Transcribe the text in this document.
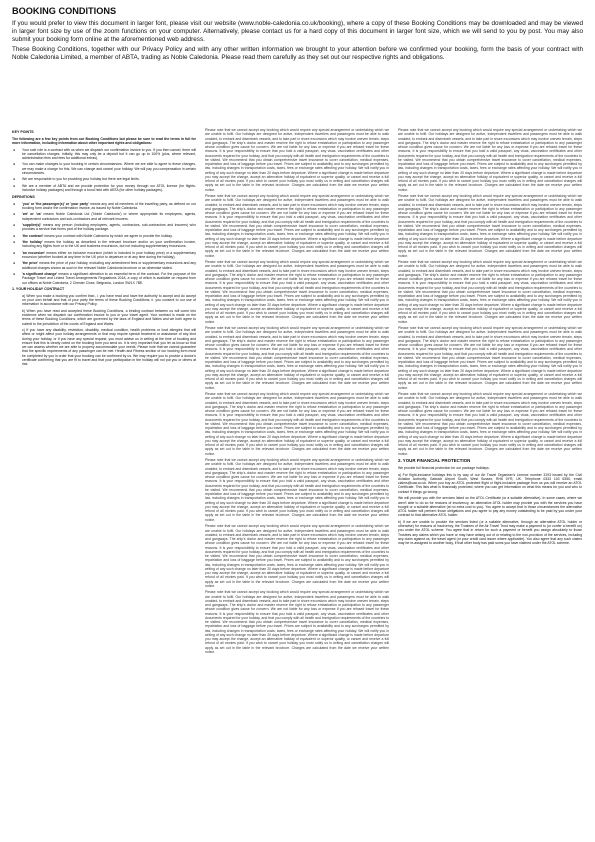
BOOKING CONDITIONS

If you would prefer to view this document in larger font, please visit our website (www.noble-caledonia.co.uk/booking), where a copy of these Booking Conditions may be downloaded and may be viewed in larger font size by use of the zoom functions on your computer. Alternatively, please contact us for a hard copy of this document in larger font size, which we will send to you by post. You may also submit your booking form online at the aforementioned web address.

These Booking Conditions, together with our Privacy Policy and with any other written information we brought to your attention before we confirmed your booking, form the basis of your contract with Noble Caledonia Limited, a member of ABTA, trading as Noble Caledonia. Please read them carefully as they set out our respective rights and obligations.

KEY POINTS

The following are a few key points from our Booking Conditions but please be sure to read the terms in full for more information, including information about other important rights and obligations:

● Your sole role is a contract with us when we dispatch our confirmation invoice to you. If you then cancel, there will be cancellation charges. Initially, this may only be a deposit but it can go up to 100% (plus, where relevant, administration fees and fees for additional extras).
● You can make changes to your booking in certain circumstances. Where we are able to agree to these changes, we may make a charge for this. We can change and cancel your holiday. We will pay you compensation in certain circumstances.
● We are responsible to you for providing your holiday but there are legal limits.
● We are a member of ABTA and we provide protection for your money through our ATOL licence (for flights-inclusive holiday packages) and through a bond held with ABTA (for other holiday packages).
DEFINITIONS
● 'you' or 'the passenger(s)' or 'your party' means any and all members of the travelling party, as defined on our booking form and/or the confirmation invoice, as issued by Noble Caledonia.
● 'we' or 'us' means Noble Caledonia Ltd ('Noble Caledonia') or where appropriate its employees, agents, independent contractors and sub-contractors and all relevant insurers.
● 'supplier(s)' means any person (including employees, agents, contractors, sub-contractors and insurers) who provides a service that forms part of the holiday package.
● 'the contract' means your contract with Noble Caledonia by which we agree to provide the holiday.
● 'the holiday' means the holiday as described in the relevant brochure and/or on your confirmation invoice, including any flights from or to the UK and business excursions, but not including supplementary excursions.
● 'an excursion' means either an inclusive excursion (which is included in your holiday price) or a supplementary excursion (whether booked at any time in the UK prior to departure or at any time during the holiday).
● 'the price' means the price of your holiday, excluding any amendment fees or supplementary excursions and any additional charges shown as such in the relevant Noble Caledonia brochure or as otherwise stated.
● 'a significant change' means a significant alteration to an essential term of the contract. For the purpose of the Package Travel and Linked Travel Arrangements Regulations 2018, a copy of which is available on request from our offices at Noble Caledonia, 2 Chester Close, Belgravia, London SW1X 7BE.
1. YOUR HOLIDAY CONTRACT

a) When you make a booking you confirm that:- i. you have read and have the authority to accept and do accept on your own behalf and that of your party the terms of these Booking Conditions; ii. you consent to our use of information in accordance with our Privacy Policy.

b) When you have read and accepted these Booking Conditions, a binding contract between us will come into existence when we dispatch our confirmation invoice to you or your travel agent. Your contract is made on the terms of these Booking Conditions, which are governed by the laws of England and Wales and we both agree to submit to the jurisdiction of the courts of England and Wales.

c) If you have any disability, restriction, disability, medical condition, health problems or food allergies that will affect or might affect your holiday arrangements or that may require special treatment or assistance of any kind during your holiday, or if you have any special request, you must advise us in writing at the time of booking and ensure that this is clearly noted on the booking form you send us. It is very important that you let us know so that we can assess whether we are able to properly accommodate your needs. Please note that we cannot guarantee that the specific requirements of any passenger can be met. Health and Fitness section of our booking form must be completed by you in order that your booking can be confirmed by us. We may require you to provide a doctor's certificate confirming that you are fit to travel and that your participation in the holiday will not put you or others at risk.

Please note that we cannot accept any booking which would require any special arrangement or undertaking which we are unable to fulfil. Our holidays are designed for active, independent travellers and passengers must be able to walk unaided, to embark and disembark vessels, and to take part in shore excursions which may involve uneven terrain, steps and gangways. The ship's doctor and master reserve the right to refuse embarkation or participation to any passenger whose condition gives cause for concern. We are not liable for any loss or expense if you are refused travel for these reasons. It is your responsibility to ensure that you hold a valid passport, any visas, vaccination certificates and other documents required for your holiday, and that you comply with all health and immigration requirements of the countries to be visited. We recommend that you obtain comprehensive travel insurance to cover cancellation, medical expenses, repatriation and loss of baggage before you travel. Prices are subject to availability and to any surcharges permitted by law, including changes in transportation costs, taxes, fees or exchange rates affecting your holiday. We will notify you in writing of any such change no later than 20 days before departure. Where a significant change is made before departure you may accept the change, accept an alternative holiday of equivalent or superior quality, or cancel and receive a full refund of all monies paid. If you wish to cancel your holiday you must notify us in writing and cancellation charges will apply as set out in the table in the relevant brochure. Charges are calculated from the date we receive your written notice.

Please note that we cannot accept any booking which would require any special arrangement or undertaking which we are unable to fulfil. Our holidays are designed for active, independent travellers and passengers must be able to walk unaided, to embark and disembark vessels, and to take part in shore excursions which may involve uneven terrain, steps and gangways. The ship's doctor and master reserve the right to refuse embarkation or participation to any passenger whose condition gives cause for concern. We are not liable for any loss or expense if you are refused travel for these reasons. It is your responsibility to ensure that you hold a valid passport, any visas, vaccination certificates and other documents required for your holiday, and that you comply with all health and immigration requirements of the countries to be visited. We recommend that you obtain comprehensive travel insurance to cover cancellation, medical expenses, repatriation and loss of baggage before you travel. Prices are subject to availability and to any surcharges permitted by law, including changes in transportation costs, taxes, fees or exchange rates affecting your holiday. We will notify you in writing of any such change no later than 20 days before departure. Where a significant change is made before departure you may accept the change, accept an alternative holiday of equivalent or superior quality, or cancel and receive a full refund of all monies paid. If you wish to cancel your holiday you must notify us in writing and cancellation charges will apply as set out in the table in the relevant brochure. Charges are calculated from the date we receive your written notice.

Please note that we cannot accept any booking which would require any special arrangement or undertaking which we are unable to fulfil. Our holidays are designed for active, independent travellers and passengers must be able to walk unaided, to embark and disembark vessels, and to take part in shore excursions which may involve uneven terrain, steps and gangways. The ship's doctor and master reserve the right to refuse embarkation or participation to any passenger whose condition gives cause for concern. We are not liable for any loss or expense if you are refused travel for these reasons. It is your responsibility to ensure that you hold a valid passport, any visas, vaccination certificates and other documents required for your holiday, and that you comply with all health and immigration requirements of the countries to be visited. We recommend that you obtain comprehensive travel insurance to cover cancellation, medical expenses, repatriation and loss of baggage before you travel. Prices are subject to availability and to any surcharges permitted by law, including changes in transportation costs, taxes, fees or exchange rates affecting your holiday. We will notify you in writing of any such change no later than 20 days before departure. Where a significant change is made before departure you may accept the change, accept an alternative holiday of equivalent or superior quality, or cancel and receive a full refund of all monies paid. If you wish to cancel your holiday you must notify us in writing and cancellation charges will apply as set out in the table in the relevant brochure. Charges are calculated from the date we receive your written notice.

Please note that we cannot accept any booking which would require any special arrangement or undertaking which we are unable to fulfil. Our holidays are designed for active, independent travellers and passengers must be able to walk unaided, to embark and disembark vessels, and to take part in shore excursions which may involve uneven terrain, steps and gangways. The ship's doctor and master reserve the right to refuse embarkation or participation to any passenger whose condition gives cause for concern. We are not liable for any loss or expense if you are refused travel for these reasons. It is your responsibility to ensure that you hold a valid passport, any visas, vaccination certificates and other documents required for your holiday, and that you comply with all health and immigration requirements of the countries to be visited. We recommend that you obtain comprehensive travel insurance to cover cancellation, medical expenses, repatriation and loss of baggage before you travel. Prices are subject to availability and to any surcharges permitted by law, including changes in transportation costs, taxes, fees or exchange rates affecting your holiday. We will notify you in writing of any such change no later than 20 days before departure. Where a significant change is made before departure you may accept the change, accept an alternative holiday of equivalent or superior quality, or cancel and receive a full refund of all monies paid. If you wish to cancel your holiday you must notify us in writing and cancellation charges will apply as set out in the table in the relevant brochure. Charges are calculated from the date we receive your written notice.

Please note that we cannot accept any booking which would require any special arrangement or undertaking which we are unable to fulfil. Our holidays are designed for active, independent travellers and passengers must be able to walk unaided, to embark and disembark vessels, and to take part in shore excursions which may involve uneven terrain, steps and gangways. The ship's doctor and master reserve the right to refuse embarkation or participation to any passenger whose condition gives cause for concern. We are not liable for any loss or expense if you are refused travel for these reasons. It is your responsibility to ensure that you hold a valid passport, any visas, vaccination certificates and other documents required for your holiday, and that you comply with all health and immigration requirements of the countries to be visited. We recommend that you obtain comprehensive travel insurance to cover cancellation, medical expenses, repatriation and loss of baggage before you travel. Prices are subject to availability and to any surcharges permitted by law, including changes in transportation costs, taxes, fees or exchange rates affecting your holiday. We will notify you in writing of any such change no later than 20 days before departure. Where a significant change is made before departure you may accept the change, accept an alternative holiday of equivalent or superior quality, or cancel and receive a full refund of all monies paid. If you wish to cancel your holiday you must notify us in writing and cancellation charges will apply as set out in the table in the relevant brochure. Charges are calculated from the date we receive your written notice.

Please note that we cannot accept any booking which would require any special arrangement or undertaking which we are unable to fulfil. Our holidays are designed for active, independent travellers and passengers must be able to walk unaided, to embark and disembark vessels, and to take part in shore excursions which may involve uneven terrain, steps and gangways. The ship's doctor and master reserve the right to refuse embarkation or participation to any passenger whose condition gives cause for concern. We are not liable for any loss or expense if you are refused travel for these reasons. It is your responsibility to ensure that you hold a valid passport, any visas, vaccination certificates and other documents required for your holiday, and that you comply with all health and immigration requirements of the countries to be visited. We recommend that you obtain comprehensive travel insurance to cover cancellation, medical expenses, repatriation and loss of baggage before you travel. Prices are subject to availability and to any surcharges permitted by law, including changes in transportation costs, taxes, fees or exchange rates affecting your holiday. We will notify you in writing of any such change no later than 20 days before departure. Where a significant change is made before departure you may accept the change, accept an alternative holiday of equivalent or superior quality, or cancel and receive a full refund of all monies paid. If you wish to cancel your holiday you must notify us in writing and cancellation charges will apply as set out in the table in the relevant brochure. Charges are calculated from the date we receive your written notice.

Please note that we cannot accept any booking which would require any special arrangement or undertaking which we are unable to fulfil. Our holidays are designed for active, independent travellers and passengers must be able to walk unaided, to embark and disembark vessels, and to take part in shore excursions which may involve uneven terrain, steps and gangways. The ship's doctor and master reserve the right to refuse embarkation or participation to any passenger whose condition gives cause for concern. We are not liable for any loss or expense if you are refused travel for these reasons. It is your responsibility to ensure that you hold a valid passport, any visas, vaccination certificates and other documents required for your holiday, and that you comply with all health and immigration requirements of the countries to be visited. We recommend that you obtain comprehensive travel insurance to cover cancellation, medical expenses, repatriation and loss of baggage before you travel. Prices are subject to availability and to any surcharges permitted by law, including changes in transportation costs, taxes, fees or exchange rates affecting your holiday. We will notify you in writing of any such change no later than 20 days before departure. Where a significant change is made before departure you may accept the change, accept an alternative holiday of equivalent or superior quality, or cancel and receive a full refund of all monies paid. If you wish to cancel your holiday you must notify us in writing and cancellation charges will apply as set out in the table in the relevant brochure. Charges are calculated from the date we receive your written notice.

Please note that we cannot accept any booking which would require any special arrangement or undertaking which we are unable to fulfil. Our holidays are designed for active, independent travellers and passengers must be able to walk unaided, to embark and disembark vessels, and to take part in shore excursions which may involve uneven terrain, steps and gangways. The ship's doctor and master reserve the right to refuse embarkation or participation to any passenger whose condition gives cause for concern. We are not liable for any loss or expense if you are refused travel for these reasons. It is your responsibility to ensure that you hold a valid passport, any visas, vaccination certificates and other documents required for your holiday, and that you comply with all health and immigration requirements of the countries to be visited. We recommend that you obtain comprehensive travel insurance to cover cancellation, medical expenses, repatriation and loss of baggage before you travel. Prices are subject to availability and to any surcharges permitted by law, including changes in transportation costs, taxes, fees or exchange rates affecting your holiday. We will notify you in writing of any such change no later than 20 days before departure. Where a significant change is made before departure you may accept the change, accept an alternative holiday of equivalent or superior quality, or cancel and receive a full refund of all monies paid. If you wish to cancel your holiday you must notify us in writing and cancellation charges will apply as set out in the table in the relevant brochure. Charges are calculated from the date we receive your written notice.

Please note that we cannot accept any booking which would require any special arrangement or undertaking which we are unable to fulfil. Our holidays are designed for active, independent travellers and passengers must be able to walk unaided, to embark and disembark vessels, and to take part in shore excursions which may involve uneven terrain, steps and gangways. The ship's doctor and master reserve the right to refuse embarkation or participation to any passenger whose condition gives cause for concern. We are not liable for any loss or expense if you are refused travel for these reasons. It is your responsibility to ensure that you hold a valid passport, any visas, vaccination certificates and other documents required for your holiday, and that you comply with all health and immigration requirements of the countries to be visited. We recommend that you obtain comprehensive travel insurance to cover cancellation, medical expenses, repatriation and loss of baggage before you travel. Prices are subject to availability and to any surcharges permitted by law, including changes in transportation costs, taxes, fees or exchange rates affecting your holiday. We will notify you in writing of any such change no later than 20 days before departure. Where a significant change is made before departure you may accept the change, accept an alternative holiday of equivalent or superior quality, or cancel and receive a full refund of all monies paid. If you wish to cancel your holiday you must notify us in writing and cancellation charges will apply as set out in the table in the relevant brochure. Charges are calculated from the date we receive your written notice.

Please note that we cannot accept any booking which would require any special arrangement or undertaking which we are unable to fulfil. Our holidays are designed for active, independent travellers and passengers must be able to walk unaided, to embark and disembark vessels, and to take part in shore excursions which may involve uneven terrain, steps and gangways. The ship's doctor and master reserve the right to refuse embarkation or participation to any passenger whose condition gives cause for concern. We are not liable for any loss or expense if you are refused travel for these reasons. It is your responsibility to ensure that you hold a valid passport, any visas, vaccination certificates and other documents required for your holiday, and that you comply with all health and immigration requirements of the countries to be visited. We recommend that you obtain comprehensive travel insurance to cover cancellation, medical expenses, repatriation and loss of baggage before you travel. Prices are subject to availability and to any surcharges permitted by law, including changes in transportation costs, taxes, fees or exchange rates affecting your holiday. We will notify you in writing of any such change no later than 20 days before departure. Where a significant change is made before departure you may accept the change, accept an alternative holiday of equivalent or superior quality, or cancel and receive a full refund of all monies paid. If you wish to cancel your holiday you must notify us in writing and cancellation charges will apply as set out in the table in the relevant brochure. Charges are calculated from the date we receive your written notice.

Please note that we cannot accept any booking which would require any special arrangement or undertaking which we are unable to fulfil. Our holidays are designed for active, independent travellers and passengers must be able to walk unaided, to embark and disembark vessels, and to take part in shore excursions which may involve uneven terrain, steps and gangways. The ship's doctor and master reserve the right to refuse embarkation or participation to any passenger whose condition gives cause for concern. We are not liable for any loss or expense if you are refused travel for these reasons. It is your responsibility to ensure that you hold a valid passport, any visas, vaccination certificates and other documents required for your holiday, and that you comply with all health and immigration requirements of the countries to be visited. We recommend that you obtain comprehensive travel insurance to cover cancellation, medical expenses, repatriation and loss of baggage before you travel. Prices are subject to availability and to any surcharges permitted by law, including changes in transportation costs, taxes, fees or exchange rates affecting your holiday. We will notify you in writing of any such change no later than 20 days before departure. Where a significant change is made before departure you may accept the change, accept an alternative holiday of equivalent or superior quality, or cancel and receive a full refund of all monies paid. If you wish to cancel your holiday you must notify us in writing and cancellation charges will apply as set out in the table in the relevant brochure. Charges are calculated from the date we receive your written notice.

Please note that we cannot accept any booking which would require any special arrangement or undertaking which we are unable to fulfil. Our holidays are designed for active, independent travellers and passengers must be able to walk unaided, to embark and disembark vessels, and to take part in shore excursions which may involve uneven terrain, steps and gangways. The ship's doctor and master reserve the right to refuse embarkation or participation to any passenger whose condition gives cause for concern. We are not liable for any loss or expense if you are refused travel for these reasons. It is your responsibility to ensure that you hold a valid passport, any visas, vaccination certificates and other documents required for your holiday, and that you comply with all health and immigration requirements of the countries to be visited. We recommend that you obtain comprehensive travel insurance to cover cancellation, medical expenses, repatriation and loss of baggage before you travel. Prices are subject to availability and to any surcharges permitted by law, including changes in transportation costs, taxes, fees or exchange rates affecting your holiday. We will notify you in writing of any such change no later than 20 days before departure. Where a significant change is made before departure you may accept the change, accept an alternative holiday of equivalent or superior quality, or cancel and receive a full refund of all monies paid. If you wish to cancel your holiday you must notify us in writing and cancellation charges will apply as set out in the table in the relevant brochure. Charges are calculated from the date we receive your written notice.

Please note that we cannot accept any booking which would require any special arrangement or undertaking which we are unable to fulfil. Our holidays are designed for active, independent travellers and passengers must be able to walk unaided, to embark and disembark vessels, and to take part in shore excursions which may involve uneven terrain, steps and gangways. The ship's doctor and master reserve the right to refuse embarkation or participation to any passenger whose condition gives cause for concern. We are not liable for any loss or expense if you are refused travel for these reasons. It is your responsibility to ensure that you hold a valid passport, any visas, vaccination certificates and other documents required for your holiday, and that you comply with all health and immigration requirements of the countries to be visited. We recommend that you obtain comprehensive travel insurance to cover cancellation, medical expenses, repatriation and loss of baggage before you travel. Prices are subject to availability and to any surcharges permitted by law, including changes in transportation costs, taxes, fees or exchange rates affecting your holiday. We will notify you in writing of any such change no later than 20 days before departure. Where a significant change is made before departure you may accept the change, accept an alternative holiday of equivalent or superior quality, or cancel and receive a full refund of all monies paid. If you wish to cancel your holiday you must notify us in writing and cancellation charges will apply as set out in the table in the relevant brochure. Charges are calculated from the date we receive your written notice.

2. YOUR FINANCIAL PROTECTION

We provide full financial protection for our package holidays.

a) For flight-inclusive holidays this is by way of our Air Travel Organiser's Licence number 3193 issued by the Civil Aviation Authority, Gatwick Airport South, West Sussex, RH6 0YR, UK. Telephone 0333 103 6350, email claims@caa.co.uk. When you buy an ATOL protected flight or flight-inclusive package from us you will receive an ATOL Certificate. This lists what is financially protected, where you can get information on what this means for you and who to contact if things go wrong.

We will provide you with the services listed on the ATOL Certificate (or a suitable alternative). In some cases, where we aren't able to do so for reasons of insolvency, an alternative ATOL holder may provide you with the services you have bought or a suitable alternative (at no extra cost to you). You agree to accept that in those circumstances the alternative ATOL holder will perform those obligations and you agree to pay any money outstanding to be paid by you under your contract to that alternative ATOL holder.

b) If we are unable to provide the services listed (or a suitable alternative, through an alternative ATOL holder or otherwise) for reasons of insolvency, the Trustees of the Air Travel Trust may make a payment to (or confer a benefit on) you under the ATOL scheme. You agree that in return for such a payment or benefit you assign absolutely to those Trustees any claims which you have or may have arising out of or relating to the non-provision of the services, including any claim against us, the travel agent (or your credit card issuer where applicable). You also agree that any such claims may be re-assigned to another body, if that other body has paid sums you have claimed under the ATOL scheme.
